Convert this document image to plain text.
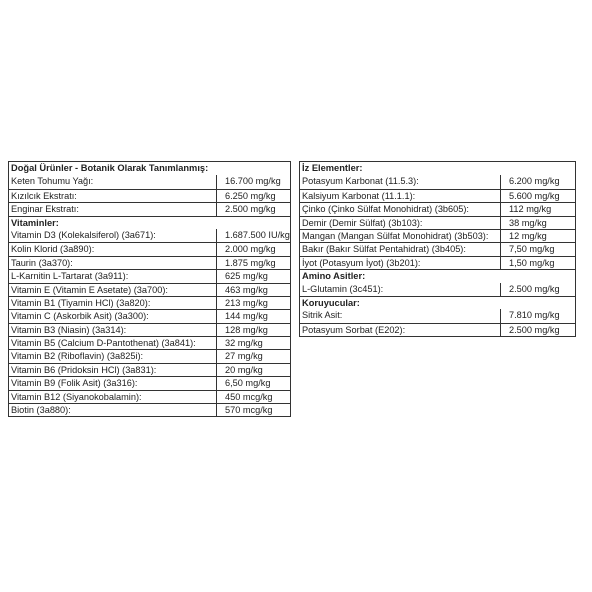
Doğal Ürünler - Botanik Olarak Tanımlanmış:
Keten Tohumu Yağı:	16.700 mg/kg
Kızılcık Ekstratı:	6.250 mg/kg
Enginar Ekstratı:	2.500 mg/kg
Vitaminler:
Vitamin D3 (Kolekalsiferol) (3a671):	1.687.500 IU/kg
Kolin Klorid (3a890):	2.000 mg/kg
Taurin (3a370):	1.875 mg/kg
L-Karnitin L-Tartarat (3a911):	625 mg/kg
Vitamin E (Vitamin E Asetate) (3a700):	463 mg/kg
Vitamin B1 (Tiyamin HCl) (3a820):	213 mg/kg
Vitamin C (Askorbik Asit) (3a300):	144 mg/kg
Vitamin B3 (Niasin) (3a314):	128 mg/kg
Vitamin B5 (Calcium D-Pantothenat) (3a841):	32 mg/kg
Vitamin B2 (Riboflavin) (3a825i):	27 mg/kg
Vitamin B6 (Pridoksin HCl) (3a831):	20 mg/kg
Vitamin B9 (Folik Asit) (3a316):	6,50 mg/kg
Vitamin B12 (Siyanokobalamin):	450 mcg/kg
Biotin (3a880):	570 mcg/kg
İz Elementler:
Potasyum Karbonat (11.5.3):	6.200 mg/kg
Kalsiyum Karbonat (11.1.1):	5.600 mg/kg
Çinko (Çinko Sülfat Monohidrat) (3b605):	112 mg/kg
Demir (Demir Sülfat) (3b103):	38 mg/kg
Mangan (Mangan Sülfat Monohidrat) (3b503):	12 mg/kg
Bakır (Bakır Sülfat Pentahidrat) (3b405):	7,50 mg/kg
İyot (Potasyum İyot) (3b201):	1,50 mg/kg
Amino Asitler:
L-Glutamin (3c451):	2.500 mg/kg
Koruyucular:
Sitrik Asit:	7.810 mg/kg
Potasyum Sorbat (E202):	2.500 mg/kg
